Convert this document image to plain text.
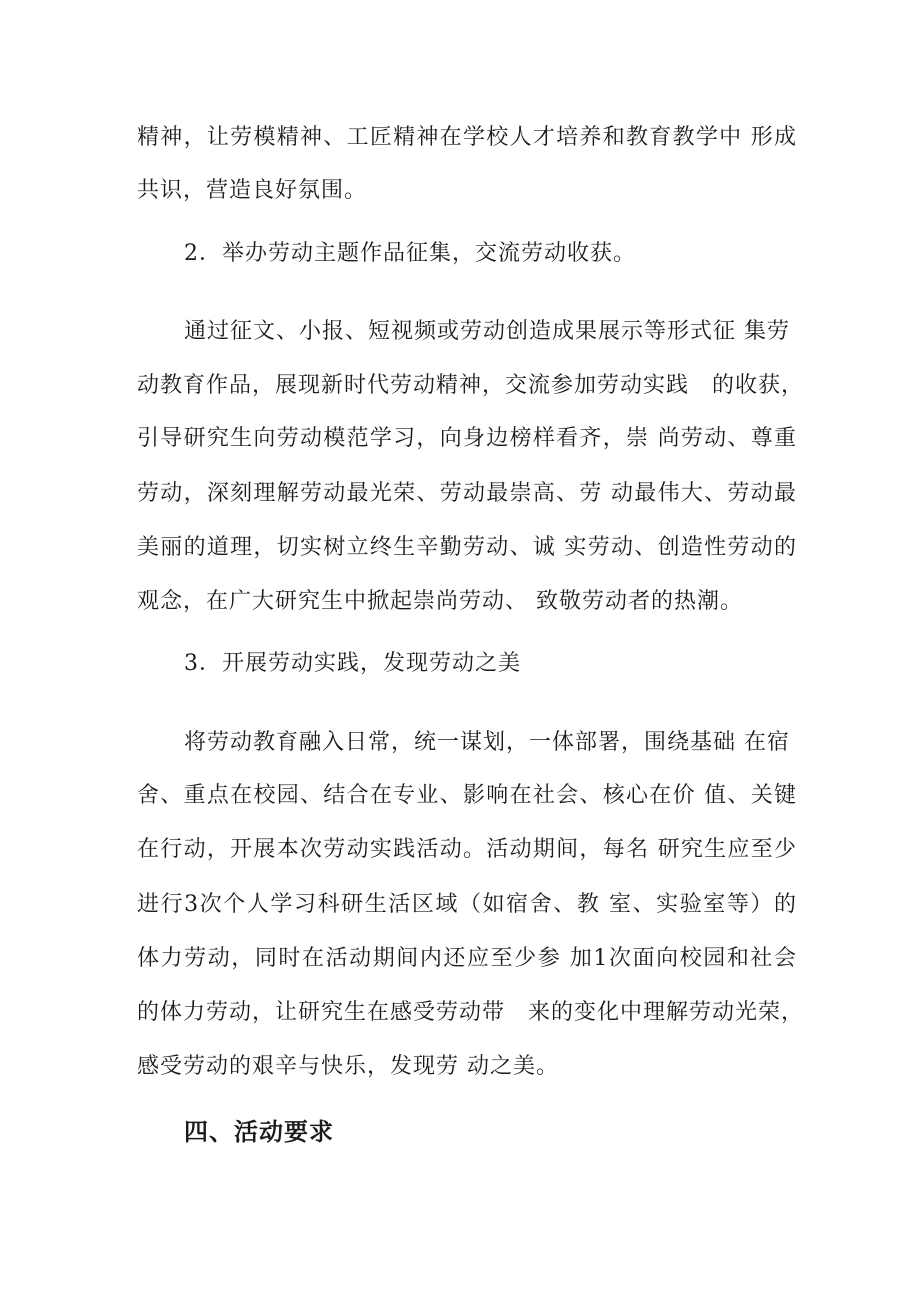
精神，让劳模精神、工匠精神在学校人才培养和教育教学中 形成
共识，营造良好氛围。
2．举办劳动主题作品征集，交流劳动收获。
通过征文、小报、短视频或劳动创造成果展示等形式征 集劳
动教育作品，展现新时代劳动精神，交流参加劳动实践　的收获，
引导研究生向劳动模范学习，向身边榜样看齐，崇 尚劳动、尊重
劳动，深刻理解劳动最光荣、劳动最崇高、劳 动最伟大、劳动最
美丽的道理，切实树立终生辛勤劳动、诚 实劳动、创造性劳动的
观念，在广大研究生中掀起崇尚劳动、 致敬劳动者的热潮。
3．开展劳动实践，发现劳动之美
将劳动教育融入日常，统一谋划，一体部署，围绕基础 在宿
舍、重点在校园、结合在专业、影响在社会、核心在价 值、关键
在行动，开展本次劳动实践活动。活动期间，每名 研究生应至少
进行3次个人学习科研生活区域（如宿舍、教 室、实验室等）的
体力劳动，同时在活动期间内还应至少参 加1次面向校园和社会
的体力劳动，让研究生在感受劳动带　来的变化中理解劳动光荣，
感受劳动的艰辛与快乐，发现劳 动之美。
四、活动要求
